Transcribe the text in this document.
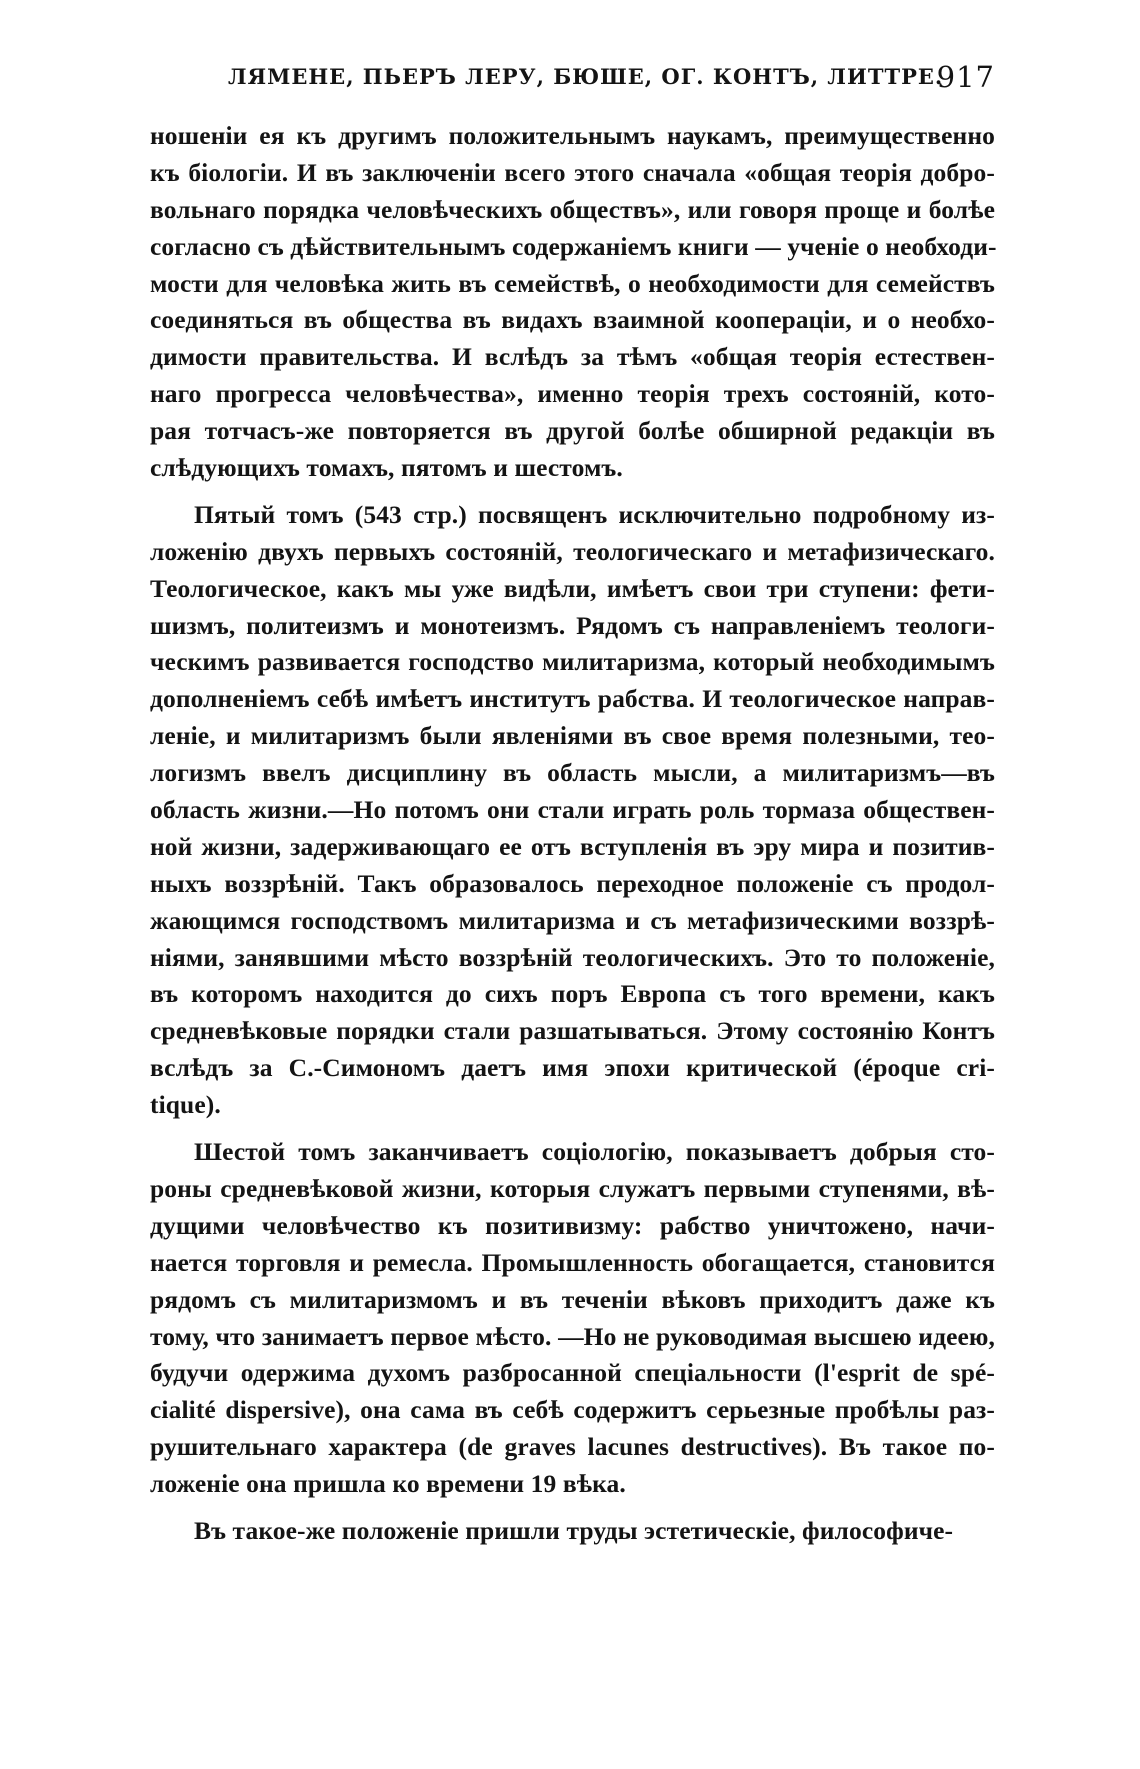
ЛЯМЕНЕ, ПЬЕРЪ ЛЕРУ, БЮШЕ, ОГ. КОНТЪ, ЛИТТРЕ.
917
ношеніи ея къ другимъ положительнымъ наукамъ, преимущественно
къ біологіи. И въ заключеніи всего этого сначала «общая теорія добро-
вольнаго порядка человѣческихъ обществъ», или говоря проще и болѣе
согласно съ дѣйствительнымъ содержаніемъ книги — ученіе о необходи-
мости для человѣка жить въ семействѣ, о необходимости для семействъ
соединяться въ общества въ видахъ взаимной коопераціи, и о необхо-
димости правительства. И вслѣдъ за тѣмъ «общая теорія естествен-
наго прогресса человѣчества», именно теорія трехъ состояній, кото-
рая тотчасъ-же повторяется въ другой болѣе обширной редакціи въ
слѣдующихъ томахъ, пятомъ и шестомъ.
Пятый томъ (543 стр.) посвященъ исключительно подробному из-
ложенію двухъ первыхъ состояній, теологическаго и метафизическаго.
Теологическое, какъ мы уже видѣли, имѣетъ свои три ступени: фети-
шизмъ, политеизмъ и монотеизмъ. Рядомъ съ направленіемъ теологи-
ческимъ развивается господство милитаризма, который необходимымъ
дополненіемъ себѣ имѣетъ институтъ рабства. И теологическое направ-
леніе, и милитаризмъ были явленіями въ свое время полезными, тео-
логизмъ ввелъ дисциплину въ область мысли, а милитаризмъ—въ
область жизни.—Но потомъ они стали играть роль тормаза обществен-
ной жизни, задерживающаго ее отъ вступленія въ эру мира и позитив-
ныхъ воззрѣній. Такъ образовалось переходное положеніе съ продол-
жающимся господствомъ милитаризма и съ метафизическими воззрѣ-
ніями, занявшими мѣсто воззрѣній теологическихъ. Это то положеніе,
въ которомъ находится до сихъ поръ Европа съ того времени, какъ
средневѣковые порядки стали разшатываться. Этому состоянію Контъ
вслѣдъ за С.-Симономъ даетъ имя эпохи критической (époque cri-
tique).
Шестой томъ заканчиваетъ соціологію, показываетъ добрыя сто-
роны средневѣковой жизни, которыя служатъ первыми ступенями, вѣ-
дущими человѣчество къ позитивизму: рабство уничтожено, начи-
нается торговля и ремесла. Промышленность обогащается, становится
рядомъ съ милитаризмомъ и въ теченіи вѣковъ приходитъ даже къ
тому, что занимаетъ первое мѣсто. —Но не руководимая высшею идеею,
будучи одержима духомъ разбросанной спеціальности (l'esprit de spé-
cialité dispersive), она сама въ себѣ содержитъ серьезные пробѣлы раз-
рушительнаго характера (de graves lacunes destructives). Въ такое по-
ложеніе она пришла ко времени 19 вѣка.
Въ такое-же положеніе пришли труды эстетическіе, философиче-
